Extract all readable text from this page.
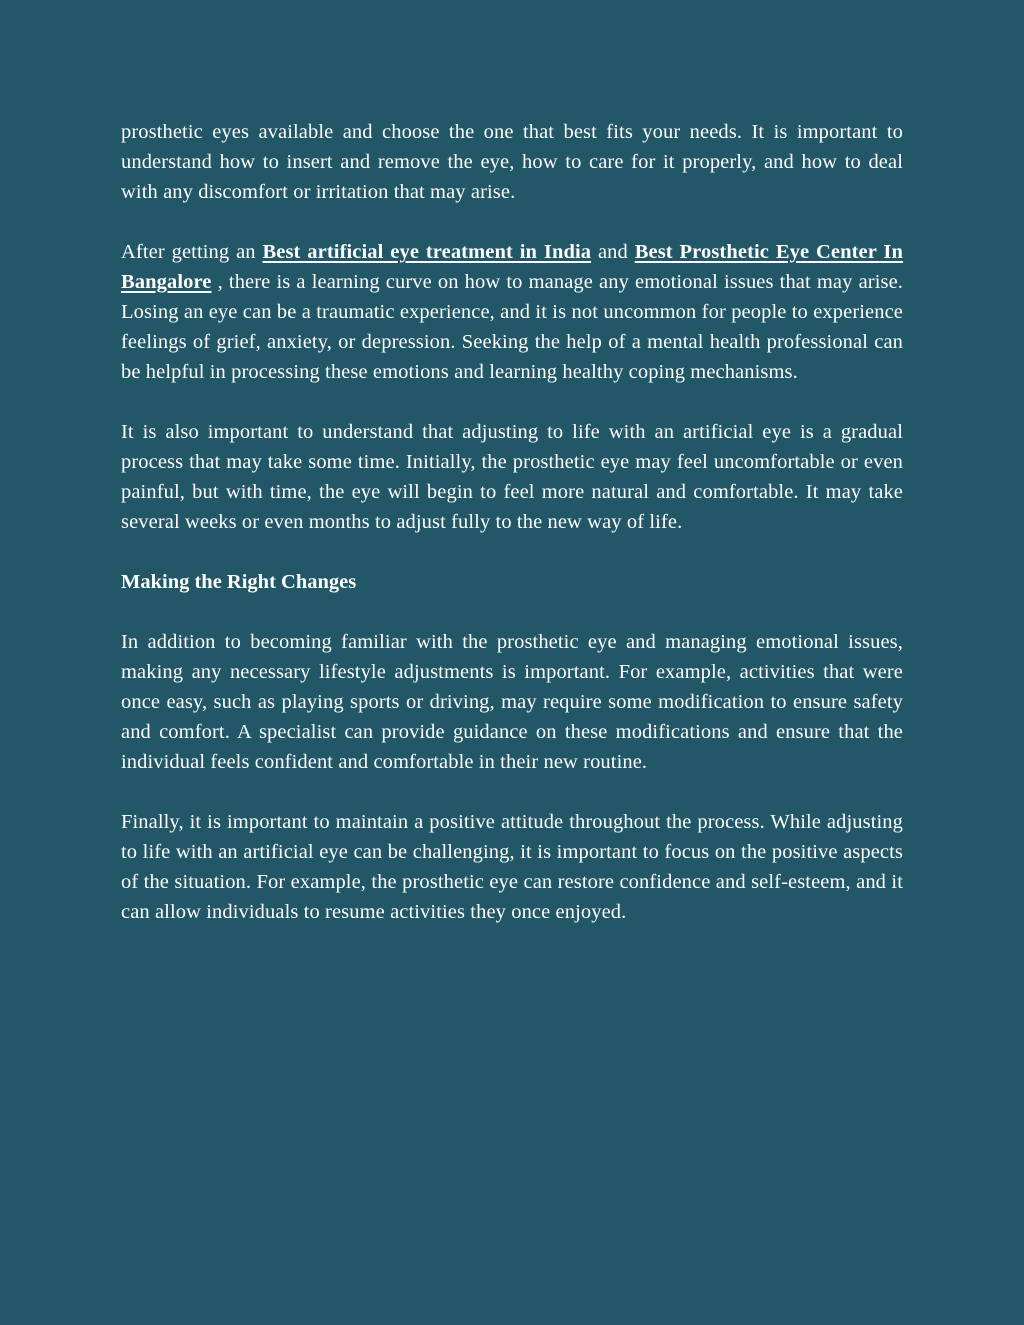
prosthetic eyes available and choose the one that best fits your needs. It is important to understand how to insert and remove the eye, how to care for it properly, and how to deal with any discomfort or irritation that may arise.

After getting an Best artificial eye treatment in India and Best Prosthetic Eye Center In Bangalore , there is a learning curve on how to manage any emotional issues that may arise. Losing an eye can be a traumatic experience, and it is not uncommon for people to experience feelings of grief, anxiety, or depression. Seeking the help of a mental health professional can be helpful in processing these emotions and learning healthy coping mechanisms.

It is also important to understand that adjusting to life with an artificial eye is a gradual process that may take some time. Initially, the prosthetic eye may feel uncomfortable or even painful, but with time, the eye will begin to feel more natural and comfortable. It may take several weeks or even months to adjust fully to the new way of life.

Making the Right Changes

In addition to becoming familiar with the prosthetic eye and managing emotional issues, making any necessary lifestyle adjustments is important. For example, activities that were once easy, such as playing sports or driving, may require some modification to ensure safety and comfort. A specialist can provide guidance on these modifications and ensure that the individual feels confident and comfortable in their new routine.

Finally, it is important to maintain a positive attitude throughout the process. While adjusting to life with an artificial eye can be challenging, it is important to focus on the positive aspects of the situation. For example, the prosthetic eye can restore confidence and self-esteem, and it can allow individuals to resume activities they once enjoyed.
